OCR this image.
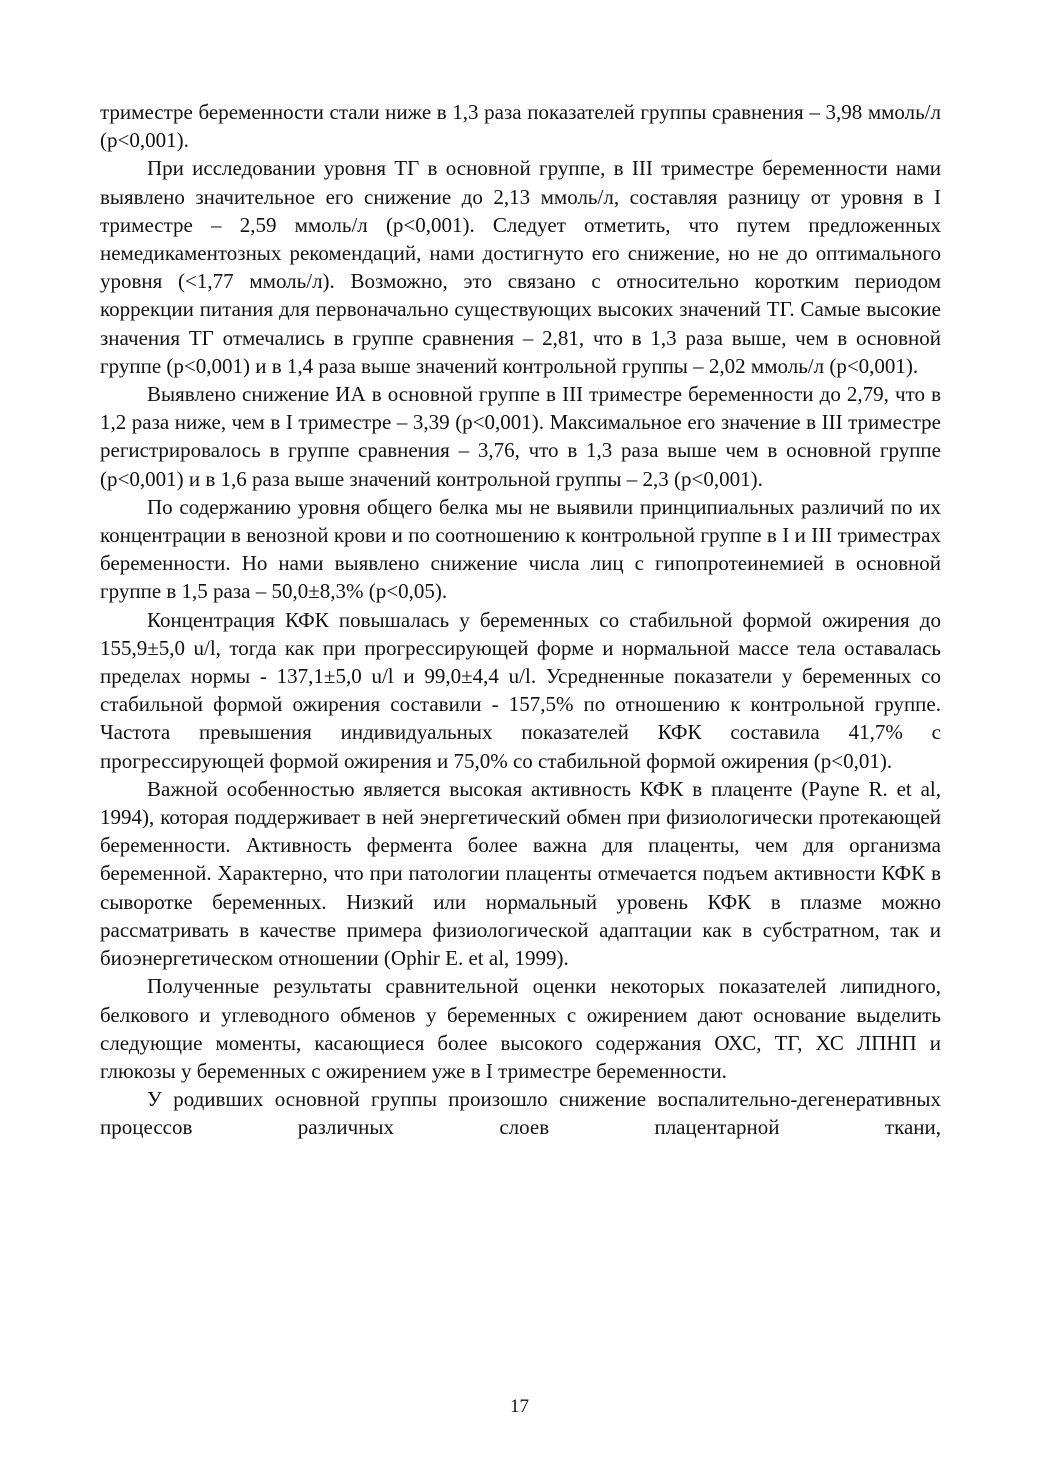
триместре беременности стали ниже в 1,3 раза показателей группы сравнения – 3,98 ммоль/л (р<0,001).

При исследовании уровня ТГ в основной группе, в III триместре беременности нами выявлено значительное его снижение до 2,13 ммоль/л, составляя разницу от уровня в I триместре – 2,59 ммоль/л (р<0,001). Следует отметить, что путем предложенных немедикаментозных рекомендаций, нами достигнуто его снижение, но не до оптимального уровня (<1,77 ммоль/л). Возможно, это связано с относительно коротким периодом коррекции питания для первоначально существующих высоких значений ТГ. Самые высокие значения ТГ отмечались в группе сравнения – 2,81, что в 1,3 раза выше, чем в основной группе (р<0,001) и в 1,4 раза выше значений контрольной группы – 2,02 ммоль/л (р<0,001).

Выявлено снижение ИА в основной группе в III триместре беременности до 2,79, что в 1,2 раза ниже, чем в I триместре – 3,39 (р<0,001). Максимальное его значение в III триместре регистрировалось в группе сравнения – 3,76, что в 1,3 раза выше чем в основной группе (р<0,001) и в 1,6 раза выше значений контрольной группы – 2,3 (р<0,001).

По содержанию уровня общего белка мы не выявили принципиальных различий по их концентрации в венозной крови и по соотношению к контрольной группе в I и III триместрах беременности. Но нами выявлено снижение числа лиц с гипопротеинемией в основной группе в 1,5 раза – 50,0±8,3% (р<0,05).

Концентрация КФК повышалась у беременных со стабильной формой ожирения до 155,9±5,0 u/l, тогда как при прогрессирующей форме и нормальной массе тела оставалась пределах нормы - 137,1±5,0 u/l и 99,0±4,4 u/l. Усредненные показатели у беременных со стабильной формой ожирения составили - 157,5% по отношению к контрольной группе. Частота превышения индивидуальных показателей КФК составила 41,7% с прогрессирующей формой ожирения и 75,0% со стабильной формой ожирения (р<0,01).

Важной особенностью является высокая активность КФК в плаценте (Payne R. et al, 1994), которая поддерживает в ней энергетический обмен при физиологически протекающей беременности. Активность фермента более важна для плаценты, чем для организма беременной. Характерно, что при патологии плаценты отмечается подъем активности КФК в сыворотке беременных. Низкий или нормальный уровень КФК в плазме можно рассматривать в качестве примера физиологической адаптации как в субстратном, так и биоэнергетическом отношении (Ophir E. et al, 1999).

Полученные результаты сравнительной оценки некоторых показателей липидного, белкового и углеводного обменов у беременных с ожирением дают основание выделить следующие моменты, касающиеся более высокого содержания ОХС, ТГ, ХС ЛПНП и глюкозы у беременных с ожирением уже в I триместре беременности.

У родивших основной группы произошло снижение воспалительно-дегенеративных процессов различных слоев плацентарной ткани,

17
